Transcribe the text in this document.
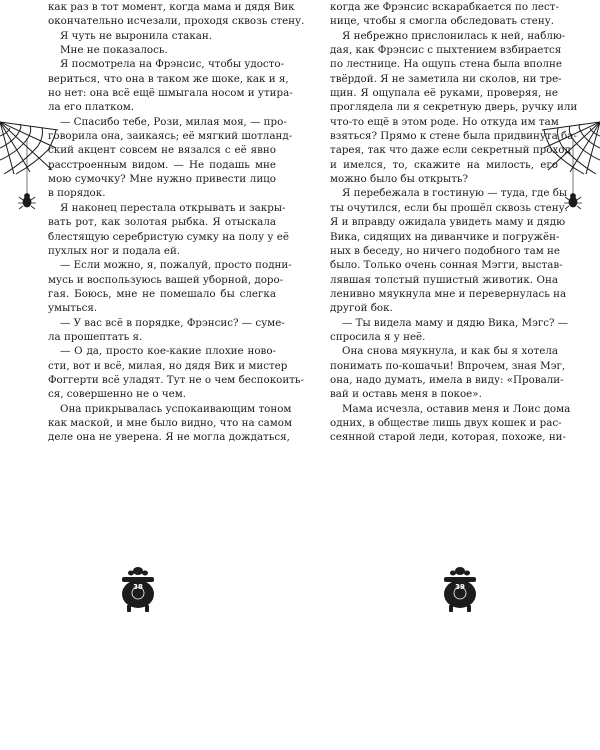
как раз в тот момент, когда мама и дядя Вик
окончательно исчезали, проходя сквозь стену.
Я чуть не выронила стакан.
Мне не показалось.
Я посмотрела на Фрэнсис, чтобы удосто-
вериться, что она в таком же шоке, как и я,
но нет: она всё ещё шмыгала носом и утира-
ла его платком.
— Спасибо тебе, Рози, милая моя, — про-
говорила она, заикаясь; её мягкий шотланд-
ский акцент совсем не вязался с её явно
расстроенным видом. — Не подашь мне
мою сумочку? Мне нужно привести лицо
в порядок.
Я наконец перестала открывать и закры-
вать рот, как золотая рыбка. Я отыскала
блестящую серебристую сумку на полу у её
пухлых ног и подала ей.
— Если можно, я, пожалуй, просто подни-
мусь и воспользуюсь вашей уборной, доро-
гая. Боюсь, мне не помешало бы слегка
умыться.
— У вас всё в порядке, Фрэнсис? — суме-
ла прошептать я.
— О да, просто кое-какие плохие ново-
сти, вот и всё, милая, но дядя Вик и мистер
Фоггерти всё уладят. Тут не о чем беспокоить-
ся, совершенно не о чем.
Она прикрывалась успокаивающим тоном
как маской, и мне было видно, что на самом
деле она не уверена. Я не могла дождаться,
38
когда же Фрэнсис вскарабкается по лест-
нице, чтобы я смогла обследовать стену.
Я небрежно прислонилась к ней, наблю-
дая, как Фрэнсис с пыхтением взбирается
по лестнице. На ощупь стена была вполне
твёрдой. Я не заметила ни сколов, ни тре-
щин. Я ощупала её руками, проверяя, не
проглядела ли я секретную дверь, ручку или
что-то ещё в этом роде. Но откуда им там
взяться? Прямо к стене была придвинута ба-
тарея, так что даже если секретный проход
и имелся, то, скажите на милость, его
можно было бы открыть?
Я перебежала в гостиную — туда, где бы
ты очутился, если бы прошёл сквозь стену.
Я и вправду ожидала увидеть маму и дядю
Вика, сидящих на диванчике и погружён-
ных в беседу, но ничего подобного там не
было. Только очень сонная Мэгги, выстав-
лявшая толстый пушистый животик. Она
ленивно мяукнула мне и перевернулась на
другой бок.
— Ты видела маму и дядю Вика, Мэгс? —
спросила я у неё.
Она снова мяукнула, и как бы я хотела
понимать по-кошачьи! Впрочем, зная Мэг,
она, надо думать, имела в виду: «Провали-
вай и оставь меня в покое».
Мама исчезла, оставив меня и Лоис дома
одних, в обществе лишь двух кошек и рас-
сеянной старой леди, которая, похоже, ни-
39
